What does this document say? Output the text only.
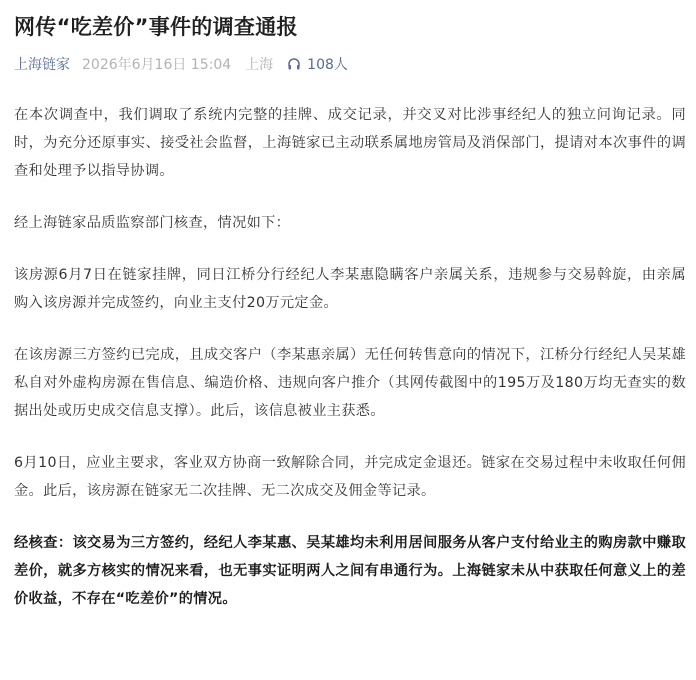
网传“吃差价”事件的调查通报
上海链家 2026年6月16日 15:04 上海 108人

在本次调查中，我们调取了系统内完整的挂牌、成交记录，并交叉对比涉事经纪人的独立问询记录。同时，为充分还原事实、接受社会监督，上海链家已主动联系属地房管局及消保部门，提请对本次事件的调查和处理予以指导协调。

经上海链家品质监察部门核查，情况如下：

该房源6月7日在链家挂牌，同日江桥分行经纪人李某惠隐瞒客户亲属关系，违规参与交易斡旋，由亲属购入该房源并完成签约，向业主支付20万元定金。

在该房源三方签约已完成，且成交客户（李某惠亲属）无任何转售意向的情况下，江桥分行经纪人吴某雄私自对外虚构房源在售信息、编造价格、违规向客户推介（其网传截图中的195万及180万均无查实的数据出处或历史成交信息支撑）。此后，该信息被业主获悉。

6月10日，应业主要求，客业双方协商一致解除合同，并完成定金退还。链家在交易过程中未收取任何佣金。此后，该房源在链家无二次挂牌、无二次成交及佣金等记录。

经核查：该交易为三方签约，经纪人李某惠、吴某雄均未利用居间服务从客户支付给业主的购房款中赚取差价，就多方核实的情况来看，也无事实证明两人之间有串通行为。上海链家未从中获取任何意义上的差价收益，不存在“吃差价”的情况。
